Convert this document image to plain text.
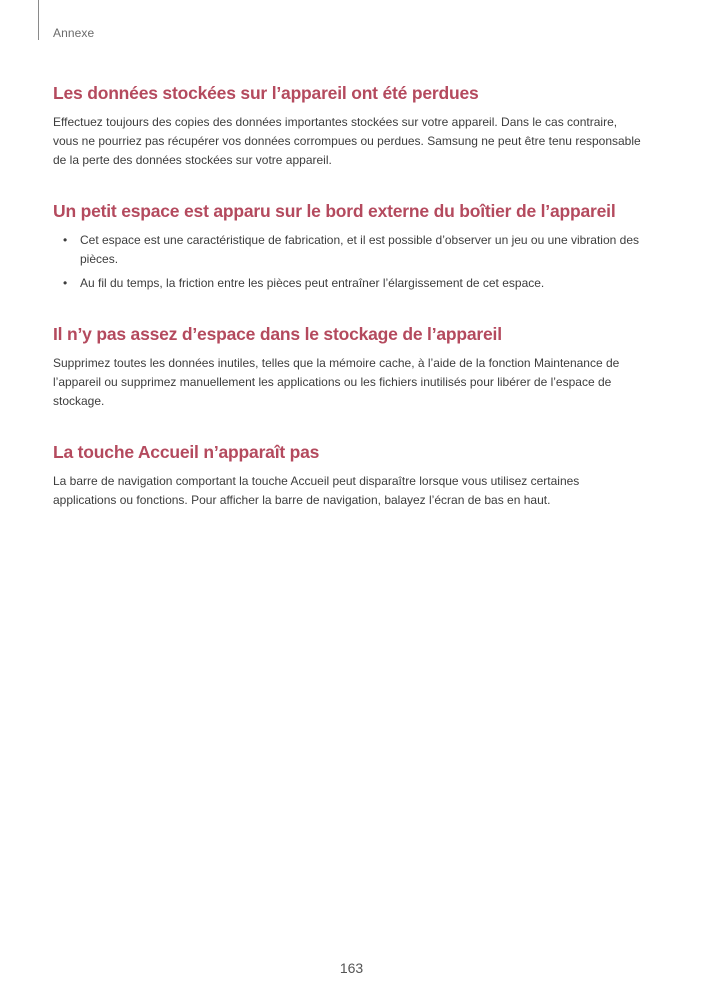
Annexe
Les données stockées sur l’appareil ont été perdues

Effectuez toujours des copies des données importantes stockées sur votre appareil. Dans le cas contraire, vous ne pourriez pas récupérer vos données corrompues ou perdues. Samsung ne peut être tenu responsable de la perte des données stockées sur votre appareil.

Un petit espace est apparu sur le bord externe du boîtier de l’appareil
• Cet espace est une caractéristique de fabrication, et il est possible d’observer un jeu ou une vibration des pièces.
• Au fil du temps, la friction entre les pièces peut entraîner l’élargissement de cet espace.
Il n’y pas assez d’espace dans le stockage de l’appareil

Supprimez toutes les données inutiles, telles que la mémoire cache, à l’aide de la fonction Maintenance de l’appareil ou supprimez manuellement les applications ou les fichiers inutilisés pour libérer de l’espace de stockage.

La touche Accueil n’apparaît pas

La barre de navigation comportant la touche Accueil peut disparaître lorsque vous utilisez certaines applications ou fonctions. Pour afficher la barre de navigation, balayez l’écran de bas en haut.

163
